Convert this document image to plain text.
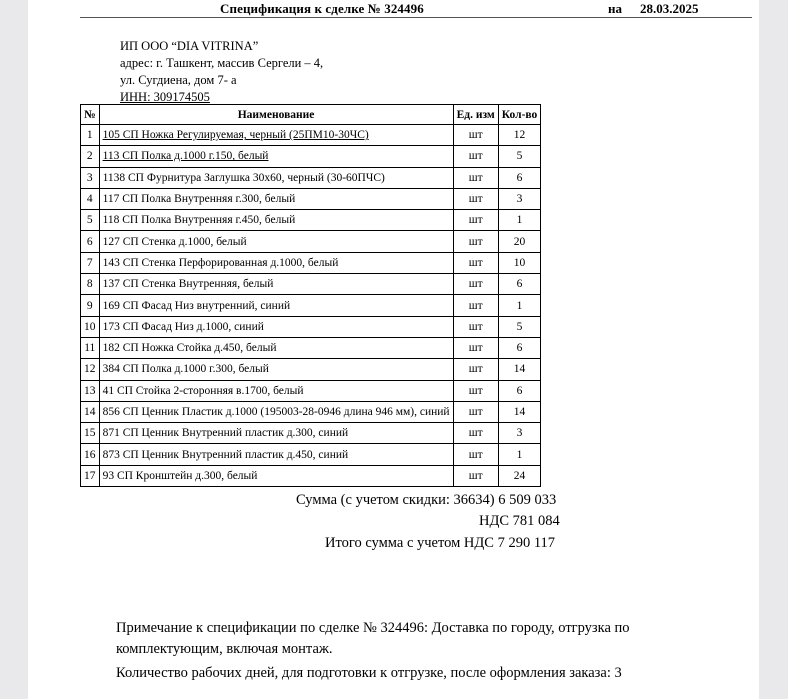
Спецификация к сделке № 324496	на 28.03.2025
ИП ООО “DIA VITRINA”
адрес: г. Ташкент, массив Сергели – 4,
ул. Сугдиена, дом 7- а
ИНН: 309174505
№	Наименование	Ед. изм	Кол-во
1	105 СП Ножка Регулируемая, черный (25ПМ10-30ЧС)	шт	12
2	113 СП Полка д.1000 г.150, белый	шт	5
3	1138 СП Фурнитура Заглушка 30х60, черный (30-60ПЧС)	шт	6
4	117 СП Полка Внутренняя г.300, белый	шт	3
5	118 СП Полка Внутренняя г.450, белый	шт	1
6	127 СП Стенка д.1000, белый	шт	20
7	143 СП Стенка Перфорированная д.1000, белый	шт	10
8	137 СП Стенка Внутренняя, белый	шт	6
9	169 СП Фасад Низ внутренний, синий	шт	1
10	173 СП Фасад Низ д.1000, синий	шт	5
11	182 СП Ножка Стойка д.450, белый	шт	6
12	384 СП Полка д.1000 г.300, белый	шт	14
13	41 СП Стойка 2-сторонняя в.1700, белый	шт	6
14	856 СП Ценник Пластик д.1000 (195003-28-0946 длина 946 мм), синий	шт	14
15	871 СП Ценник Внутренний пластик д.300, синий	шт	3
16	873 СП Ценник Внутренний пластик д.450, синий	шт	1
17	93 СП Кронштейн д.300, белый	шт	24
Сумма (с учетом скидки: 36634) 6 509 033
НДС 781 084
Итого сумма с учетом НДС 7 290 117

Примечание к спецификации по сделке № 324496: Доставка по городу, отгрузка по комплектующим, включая монтаж.

Количество рабочих дней, для подготовки к отгрузке, после оформления заказа: 3
